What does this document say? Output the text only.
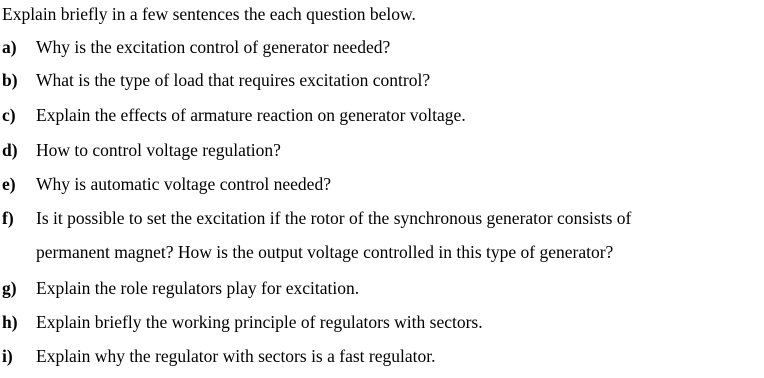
Explain briefly in a few sentences the each question below.
a) Why is the excitation control of generator needed?
b) What is the type of load that requires excitation control?
c) Explain the effects of armature reaction on generator voltage.
d) How to control voltage regulation?
e) Why is automatic voltage control needed?
f) Is it possible to set the excitation if the rotor of the synchronous generator consists of
permanent magnet? How is the output voltage controlled in this type of generator?
g) Explain the role regulators play for excitation.
h) Explain briefly the working principle of regulators with sectors.
i) Explain why the regulator with sectors is a fast regulator.
